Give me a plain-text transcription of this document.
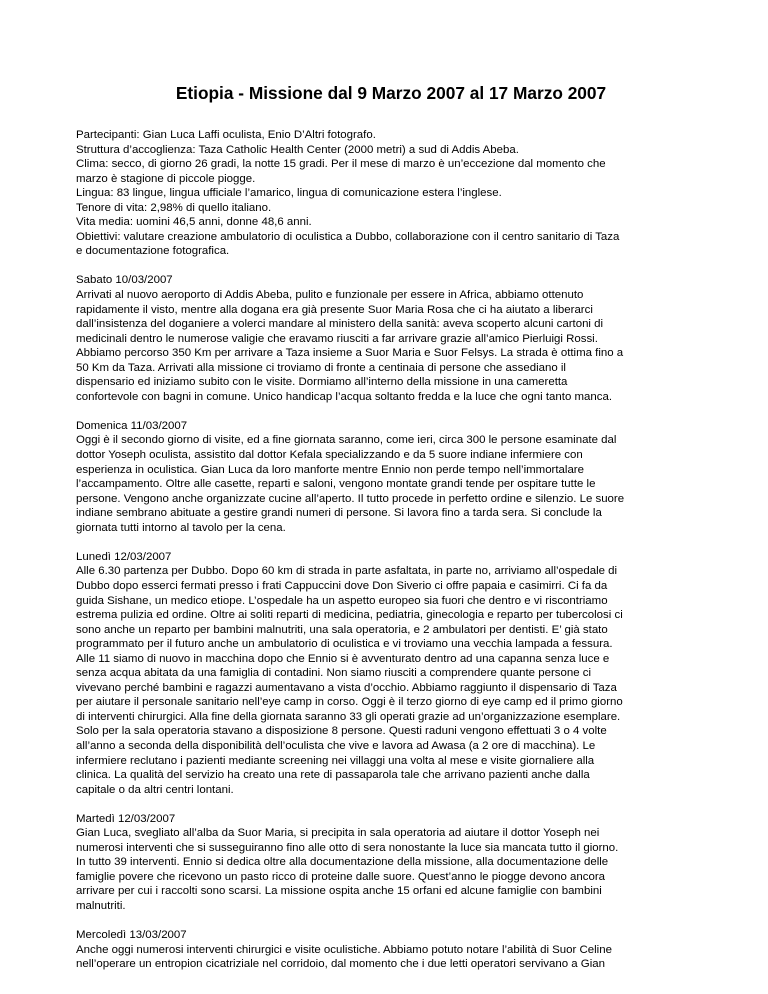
Etiopia - Missione dal 9 Marzo 2007 al 17 Marzo 2007
Partecipanti: Gian Luca Laffi oculista, Enio D’Altri fotografo.
Struttura d’accoglienza: Taza Catholic Health Center (2000 metri) a sud di Addis Abeba.
Clima: secco, di giorno 26 gradi, la notte 15 gradi. Per il mese di marzo è un’eccezione dal momento che
marzo è stagione di piccole piogge.
Lingua: 83 lingue, lingua ufficiale l’amarico, lingua di comunicazione estera l’inglese.
Tenore di vita: 2,98% di quello italiano.
Vita media: uomini 46,5 anni, donne 48,6 anni.
Obiettivi: valutare creazione ambulatorio di oculistica a Dubbo, collaborazione con il centro sanitario di Taza
e documentazione fotografica.
Sabato 10/03/2007
Arrivati al nuovo aeroporto di Addis Abeba, pulito e funzionale per essere in Africa, abbiamo ottenuto
rapidamente il visto, mentre alla dogana era già presente Suor Maria Rosa che ci ha aiutato a liberarci
dall’insistenza del doganiere a volerci mandare al ministero della sanità: aveva scoperto alcuni cartoni di
medicinali dentro le numerose valigie che eravamo riusciti a far arrivare grazie all’amico Pierluigi Rossi.
Abbiamo percorso 350 Km per arrivare a Taza insieme a Suor Maria e Suor Felsys. La strada è ottima fino a
50 Km da Taza. Arrivati alla missione ci troviamo di fronte a centinaia di persone che assediano il
dispensario ed iniziamo subito con le visite. Dormiamo all’interno della missione in una cameretta
confortevole con bagni in comune. Unico handicap l’acqua soltanto fredda e la luce che ogni tanto manca.
Domenica 11/03/2007
Oggi è il secondo giorno di visite, ed a fine giornata saranno, come ieri, circa 300 le persone esaminate dal
dottor Yoseph oculista, assistito dal dottor Kefala specializzando e da 5 suore indiane infermiere con
esperienza in oculistica. Gian Luca da loro manforte mentre Ennio non perde tempo nell’immortalare
l’accampamento. Oltre alle casette, reparti e saloni, vengono montate grandi tende per ospitare tutte le
persone. Vengono anche organizzate cucine all’aperto. Il tutto procede in perfetto ordine e silenzio. Le suore
indiane sembrano abituate a gestire grandi numeri di persone. Si lavora fino a tarda sera. Si conclude la
giornata tutti intorno al tavolo per la cena.
Lunedì 12/03/2007
Alle 6.30 partenza per Dubbo. Dopo 60 km di strada in parte asfaltata, in parte no, arriviamo all’ospedale di
Dubbo dopo esserci fermati presso i frati Cappuccini dove Don Siverio ci offre papaia e casimirri. Ci fa da
guida Sishane, un medico etiope. L’ospedale ha un aspetto europeo sia fuori che dentro e vi riscontriamo
estrema pulizia ed ordine. Oltre ai soliti reparti di medicina, pediatria, ginecologia e reparto per tubercolosi ci
sono anche un reparto per bambini malnutriti, una sala operatoria, e 2 ambulatori per dentisti. E’ già stato
programmato per il futuro anche un ambulatorio di oculistica e vi troviamo una vecchia lampada a fessura.
Alle 11 siamo di nuovo in macchina dopo che Ennio si è avventurato dentro ad una capanna senza luce e
senza acqua abitata da una famiglia di contadini. Non siamo riusciti a comprendere quante persone ci
vivevano perché bambini e ragazzi aumentavano a vista d’occhio. Abbiamo raggiunto il dispensario di Taza
per aiutare il personale sanitario nell’eye camp in corso. Oggi è il terzo giorno di eye camp ed il primo giorno
di interventi chirurgici. Alla fine della giornata saranno 33 gli operati grazie ad un’organizzazione esemplare.
Solo per la sala operatoria stavano a disposizione 8 persone. Questi raduni vengono effettuati 3 o 4 volte
all’anno a seconda della disponibilità dell’oculista che vive e lavora ad Awasa (a 2 ore di macchina). Le
infermiere reclutano i pazienti mediante screening nei villaggi una volta al mese e visite giornaliere alla
clinica. La qualità del servizio ha creato una rete di passaparola tale che arrivano pazienti anche dalla
capitale o da altri centri lontani.
Martedì 12/03/2007
Gian Luca, svegliato all’alba da Suor Maria, si precipita in sala operatoria ad aiutare il dottor Yoseph nei
numerosi interventi che si susseguiranno fino alle otto di sera nonostante la luce sia mancata tutto il giorno.
In tutto 39 interventi. Ennio si dedica oltre alla documentazione della missione, alla documentazione delle
famiglie povere che ricevono un pasto ricco di proteine dalle suore. Quest’anno le piogge devono ancora
arrivare per cui i raccolti sono scarsi. La missione ospita anche 15 orfani ed alcune famiglie con bambini
malnutriti.
Mercoledì 13/03/2007
Anche oggi numerosi interventi chirurgici e visite oculistiche. Abbiamo potuto notare l’abilità di Suor Celine
nell’operare un entropion cicatriziale nel corridoio, dal momento che i due letti operatori servivano a Gian
